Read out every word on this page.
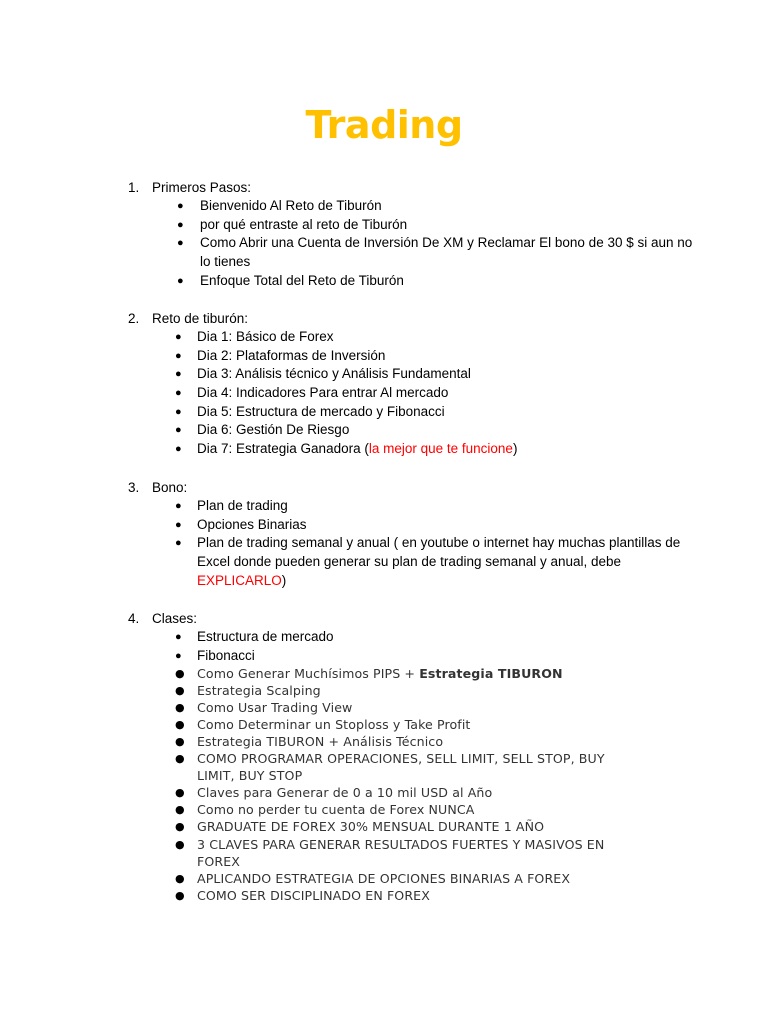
Trading
1. Primeros Pasos:
● Bienvenido Al Reto de Tiburón
● por qué entraste al reto de Tiburón
● Como Abrir una Cuenta de Inversión De XM y Reclamar El bono de 30 $ si aun no
lo tienes
● Enfoque Total del Reto de Tiburón
2. Reto de tiburón:
● Dia 1: Básico de Forex
● Dia 2: Plataformas de Inversión
● Dia 3: Análisis técnico y Análisis Fundamental
● Dia 4: Indicadores Para entrar Al mercado
● Dia 5: Estructura de mercado y Fibonacci
● Dia 6: Gestión De Riesgo
● Dia 7: Estrategia Ganadora (la mejor que te funcione)
3. Bono:
● Plan de trading
● Opciones Binarias
● Plan de trading semanal y anual ( en youtube o internet hay muchas plantillas de
Excel donde pueden generar su plan de trading semanal y anual, debe
EXPLICARLO)
4. Clases:
● Estructura de mercado
● Fibonacci
● Como Generar Muchísimos PIPS + Estrategia TIBURON
● Estrategia Scalping
● Como Usar Trading View
● Como Determinar un Stoploss y Take Profit
● Estrategia TIBURON + Análisis Técnico
● COMO PROGRAMAR OPERACIONES, SELL LIMIT, SELL STOP, BUY
LIMIT, BUY STOP
● Claves para Generar de 0 a 10 mil USD al Año
● Como no perder tu cuenta de Forex NUNCA
● GRADUATE DE FOREX 30% MENSUAL DURANTE 1 AÑO
● 3 CLAVES PARA GENERAR RESULTADOS FUERTES Y MASIVOS EN
FOREX
● APLICANDO ESTRATEGIA DE OPCIONES BINARIAS A FOREX
● COMO SER DISCIPLINADO EN FOREX
